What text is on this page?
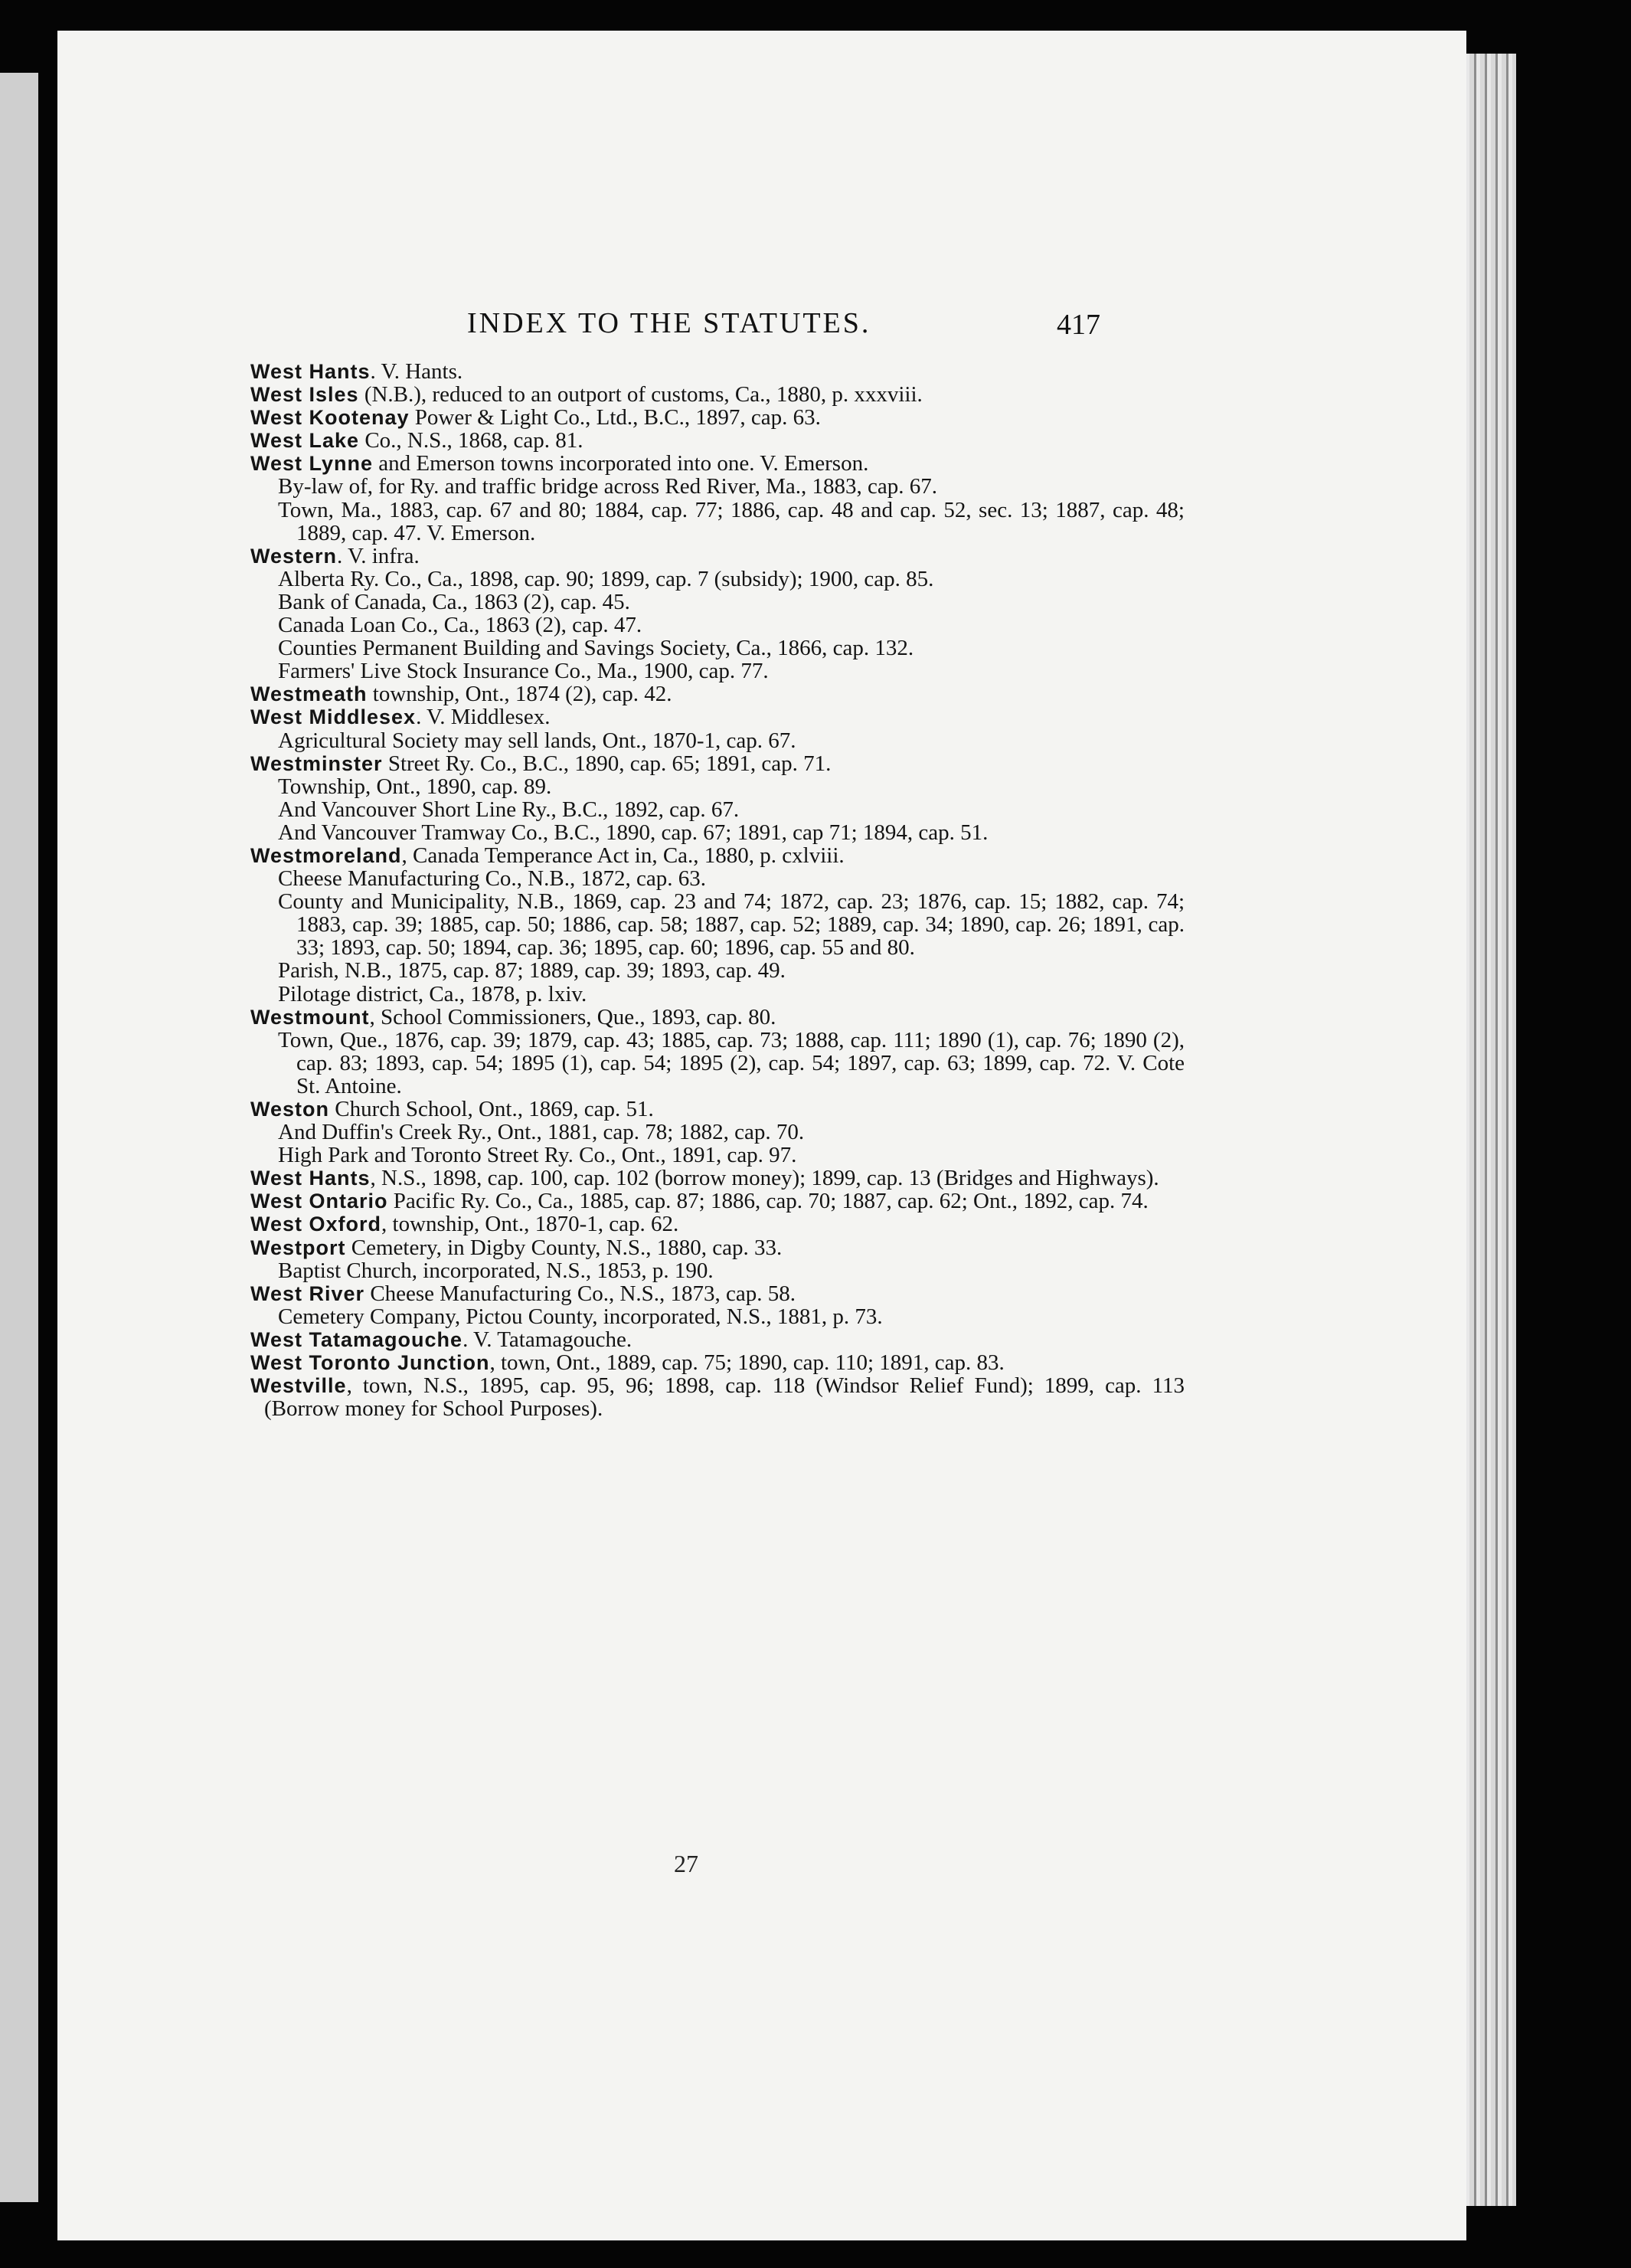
INDEX TO THE STATUTES.	417

West Hants. V. Hants.

West Isles (N.B.), reduced to an outport of customs, Ca., 1880, p. xxxviii.

West Kootenay Power & Light Co., Ltd., B.C., 1897, cap. 63.

West Lake Co., N.S., 1868, cap. 81.

West Lynne and Emerson towns incorporated into one. V. Emerson.

By-law of, for Ry. and traffic bridge across Red River, Ma., 1883, cap. 67.

Town, Ma., 1883, cap. 67 and 80; 1884, cap. 77; 1886, cap. 48 and cap. 52, sec. 13; 1887, cap. 48; 1889, cap. 47. V. Emerson.

Western. V. infra.

Alberta Ry. Co., Ca., 1898, cap. 90; 1899, cap. 7 (subsidy); 1900, cap. 85.

Bank of Canada, Ca., 1863 (2), cap. 45.

Canada Loan Co., Ca., 1863 (2), cap. 47.

Counties Permanent Building and Savings Society, Ca., 1866, cap. 132.

Farmers' Live Stock Insurance Co., Ma., 1900, cap. 77.

Westmeath township, Ont., 1874 (2), cap. 42.

West Middlesex. V. Middlesex.

Agricultural Society may sell lands, Ont., 1870-1, cap. 67.

Westminster Street Ry. Co., B.C., 1890, cap. 65; 1891, cap. 71.

Township, Ont., 1890, cap. 89.

And Vancouver Short Line Ry., B.C., 1892, cap. 67.

And Vancouver Tramway Co., B.C., 1890, cap. 67; 1891, cap 71; 1894, cap. 51.

Westmoreland, Canada Temperance Act in, Ca., 1880, p. cxlviii.

Cheese Manufacturing Co., N.B., 1872, cap. 63.

County and Municipality, N.B., 1869, cap. 23 and 74; 1872, cap. 23; 1876, cap. 15; 1882, cap. 74; 1883, cap. 39; 1885, cap. 50; 1886, cap. 58; 1887, cap. 52; 1889, cap. 34; 1890, cap. 26; 1891, cap. 33; 1893, cap. 50; 1894, cap. 36; 1895, cap. 60; 1896, cap. 55 and 80.

Parish, N.B., 1875, cap. 87; 1889, cap. 39; 1893, cap. 49.

Pilotage district, Ca., 1878, p. lxiv.

Westmount, School Commissioners, Que., 1893, cap. 80.

Town, Que., 1876, cap. 39; 1879, cap. 43; 1885, cap. 73; 1888, cap. 111; 1890 (1), cap. 76; 1890 (2), cap. 83; 1893, cap. 54; 1895 (1), cap. 54; 1895 (2), cap. 54; 1897, cap. 63; 1899, cap. 72. V. Cote St. Antoine.

Weston Church School, Ont., 1869, cap. 51.

And Duffin's Creek Ry., Ont., 1881, cap. 78; 1882, cap. 70.

High Park and Toronto Street Ry. Co., Ont., 1891, cap. 97.

West Hants, N.S., 1898, cap. 100, cap. 102 (borrow money); 1899, cap. 13 (Bridges and Highways).

West Ontario Pacific Ry. Co., Ca., 1885, cap. 87; 1886, cap. 70; 1887, cap. 62; Ont., 1892, cap. 74.

West Oxford, township, Ont., 1870-1, cap. 62.

Westport Cemetery, in Digby County, N.S., 1880, cap. 33.

Baptist Church, incorporated, N.S., 1853, p. 190.

West River Cheese Manufacturing Co., N.S., 1873, cap. 58.

Cemetery Company, Pictou County, incorporated, N.S., 1881, p. 73.

West Tatamagouche. V. Tatamagouche.

West Toronto Junction, town, Ont., 1889, cap. 75; 1890, cap. 110; 1891, cap. 83.

Westville, town, N.S., 1895, cap. 95, 96; 1898, cap. 118 (Windsor Relief Fund); 1899, cap. 113 (Borrow money for School Purposes).

27
